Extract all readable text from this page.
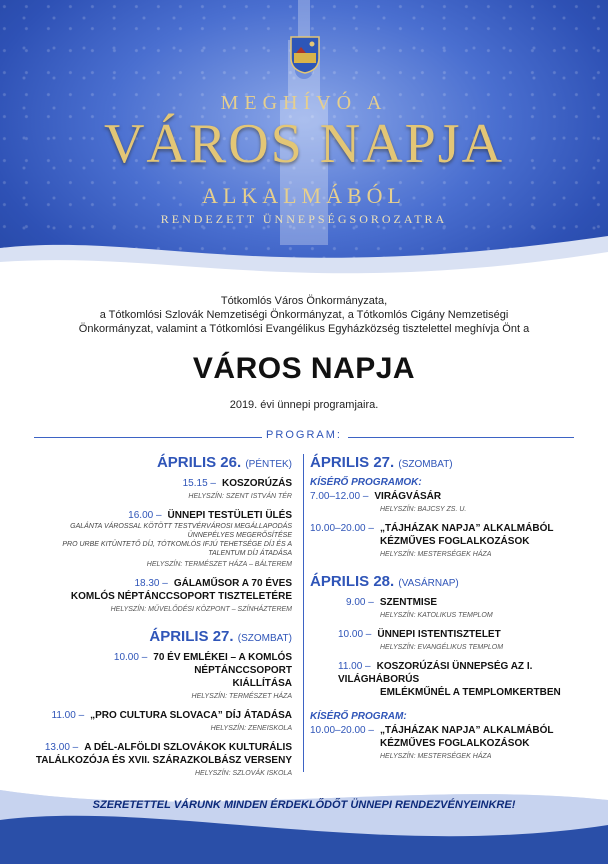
MEGHÍVÓ A
VÁROS NAPJA
ALKALMÁBÓL
RENDEZETT ÜNNEPSÉGSOROZATRA
Tótkomlós Város Önkormányzata,
a Tótkomlósi Szlovák Nemzetiségi Önkormányzat, a Tótkomlós Cigány Nemzetiségi
Önkormányzat, valamint a Tótkomlósi Evangélikus Egyházközség tisztelettel meghívja Önt a
VÁROS NAPJA
2019. évi ünnepi programjaira.
PROGRAM:
ÁPRILIS 26. (PÉNTEK)
15.15 – KOSZORÚZÁS
HELYSZÍN: SZENT ISTVÁN TÉR
16.00 – ÜNNEPI TESTÜLETI ÜLÉS
GALÁNTA VÁROSSAL KÖTÖTT TESTVÉRVÁROSI MEGÁLLAPODÁS ÜNNEPÉLYES MEGERŐSÍTÉSE
PRO URBE KITÜNTETŐ DÍJ, TÓTKOMLÓS IFJÚ TEHETSÉGE DÍJ ÉS A TALENTUM DÍJ ÁTADÁSA
HELYSZÍN: TERMÉSZET HÁZA – BÁLTEREM
18.30 – GÁLAMŰSOR A 70 ÉVES
KOMLÓS NÉPTÁNCCSOPORT TISZTELETÉRE
HELYSZÍN: MŰVELŐDÉSI KÖZPONT – SZÍNHÁZTEREM
ÁPRILIS 27. (SZOMBAT)
10.00 – 70 ÉV EMLÉKEI – A KOMLÓS NÉPTÁNCCSOPORT
KIÁLLÍTÁSA
HELYSZÍN: TERMÉSZET HÁZA
11.00 – „PRO CULTURA SLOVACA” DÍJ ÁTADÁSA
HELYSZÍN: ZENEISKOLA
13.00 – A DÉL-ALFÖLDI SZLOVÁKOK KULTURÁLIS
TALÁLKOZÓJA ÉS XVII. SZÁRAZKOLBÁSZ VERSENY
HELYSZÍN: SZLOVÁK ISKOLA
ÁPRILIS 27. (SZOMBAT)
KÍSÉRŐ PROGRAMOK:
7.00–12.00 – VIRÁGVÁSÁR
HELYSZÍN: BAJCSY ZS. U.
10.00–20.00 – „TÁJHÁZAK NAPJA” ALKALMÁBÓL
KÉZMŰVES FOGLALKOZÁSOK
HELYSZÍN: MESTERSÉGEK HÁZA
ÁPRILIS 28. (VASÁRNAP)
9.00 – SZENTMISE
HELYSZÍN: KATOLIKUS TEMPLOM
10.00 – ÜNNEPI ISTENTISZTELET
HELYSZÍN: EVANGÉLIKUS TEMPLOM
11.00 – KOSZORÚZÁSI ÜNNEPSÉG AZ I. VILÁGHÁBORÚS
EMLÉKMŰNÉL A TEMPLOMKERTBEN
KÍSÉRŐ PROGRAM:
10.00–20.00 – „TÁJHÁZAK NAPJA” ALKALMÁBÓL
KÉZMŰVES FOGLALKOZÁSOK
HELYSZÍN: MESTERSÉGEK HÁZA
SZERETETTEL VÁRUNK MINDEN ÉRDEKLŐDŐT ÜNNEPI RENDEZVÉNYEINKRE!
